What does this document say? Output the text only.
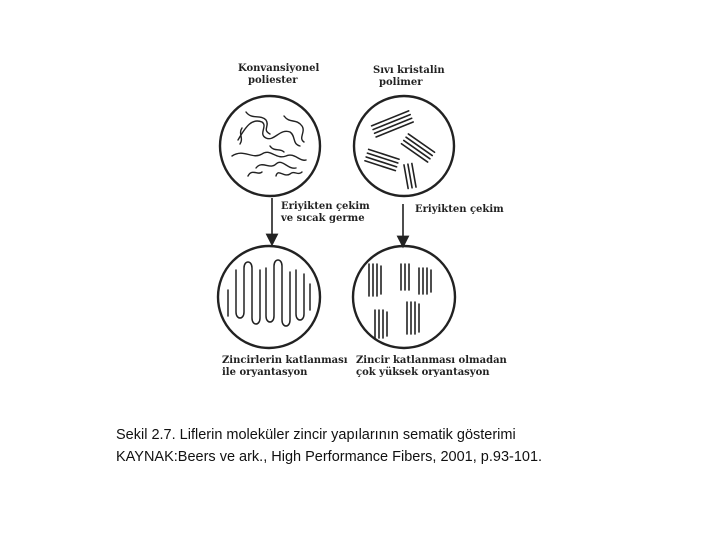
Konvansiyonel
poliester
Sıvı kristalin
polimer
Eriyikten çekim
ve sıcak germe
Eriyikten çekim
Zincirlerin katlanması
ile oryantasyon
Zincir katlanması olmadan
çok yüksek oryantasyon
Sekil 2.7. Liflerin moleküler zincir yapılarının sematik gösterimi
KAYNAK:Beers ve ark., High Performance Fibers, 2001, p.93-101.
